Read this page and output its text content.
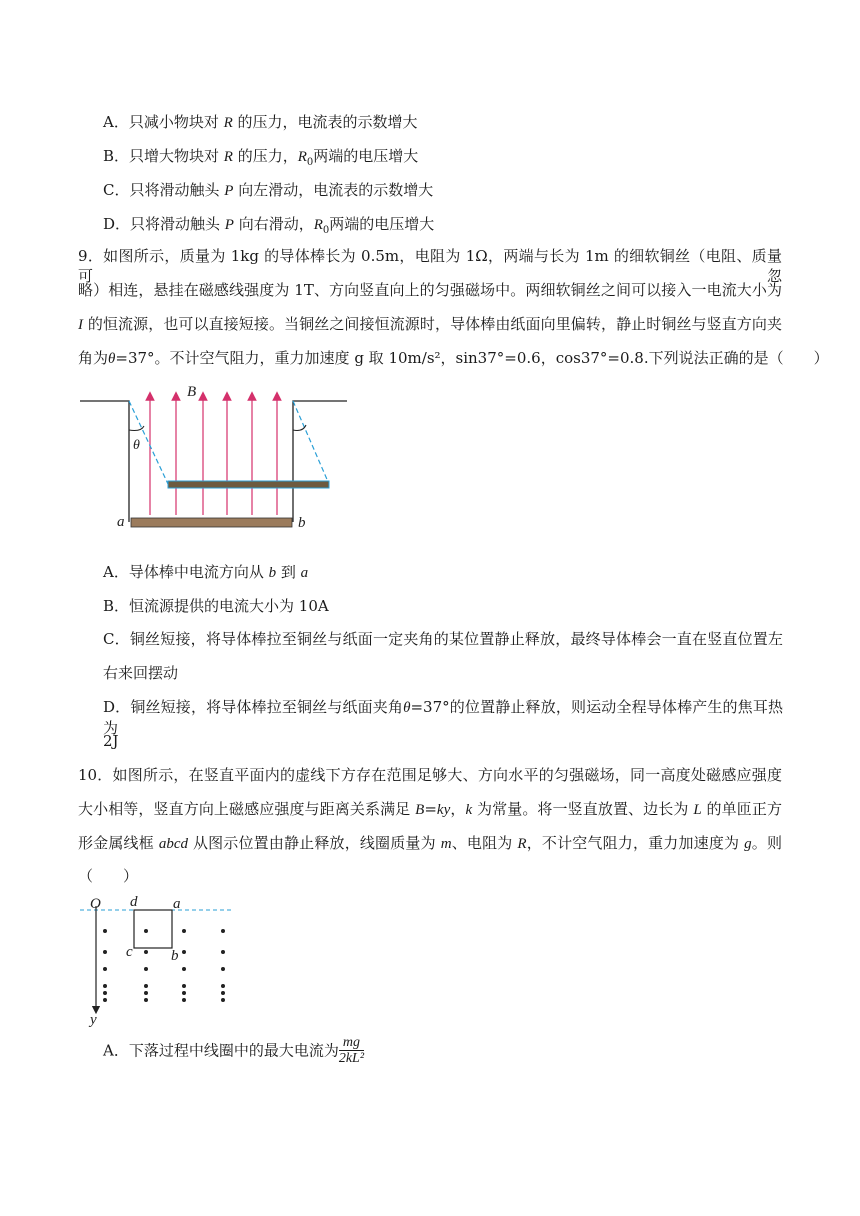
A．只减小物块对 R 的压力，电流表的示数增大
B．只增大物块对 R 的压力，$R_0$两端的电压增大
C．只将滑动触头 P 向左滑动，电流表的示数增大
D．只将滑动触头 P 向右滑动，$R_0$两端的电压增大
9．如图所示，质量为 1kg 的导体棒长为 0.5m，电阻为 1Ω，两端与长为 1m 的细软铜丝（电阻、质量可忽
略）相连，悬挂在磁感线强度为 1T、方向竖直向上的匀强磁场中。两细软铜丝之间可以接入一电流大小为
I 的恒流源，也可以直接短接。当铜丝之间接恒流源时，导体棒由纸面向里偏转，静止时铜丝与竖直方向夹
角为θ=37°。不计空气阻力，重力加速度 g 取 10m/s²，sin37°=0.6，cos37°=0.8.下列说法正确的是（　　）
B
θ
a	b
A．导体棒中电流方向从 b 到 a
B．恒流源提供的电流大小为 10A
C．铜丝短接，将导体棒拉至铜丝与纸面一定夹角的某位置静止释放，最终导体棒会一直在竖直位置左
右来回摆动
D．铜丝短接，将导体棒拉至铜丝与纸面夹角θ=37°的位置静止释放，则运动全程导体棒产生的焦耳热为
2J
10．如图所示，在竖直平面内的虚线下方存在范围足够大、方向水平的匀强磁场，同一高度处磁感应强度
大小相等，竖直方向上磁感应强度与距离关系满足 B=ky，k 为常量。将一竖直放置、边长为 L 的单匝正方
形金属线框 abcd 从图示位置由静止释放，线圈质量为 m、电阻为 R，不计空气阻力，重力加速度为 g。则
（　　）
O d a
c	b
y
A．下落过程中线圈中的最大电流为 $\frac{mg}{\text{2kL²}}$
